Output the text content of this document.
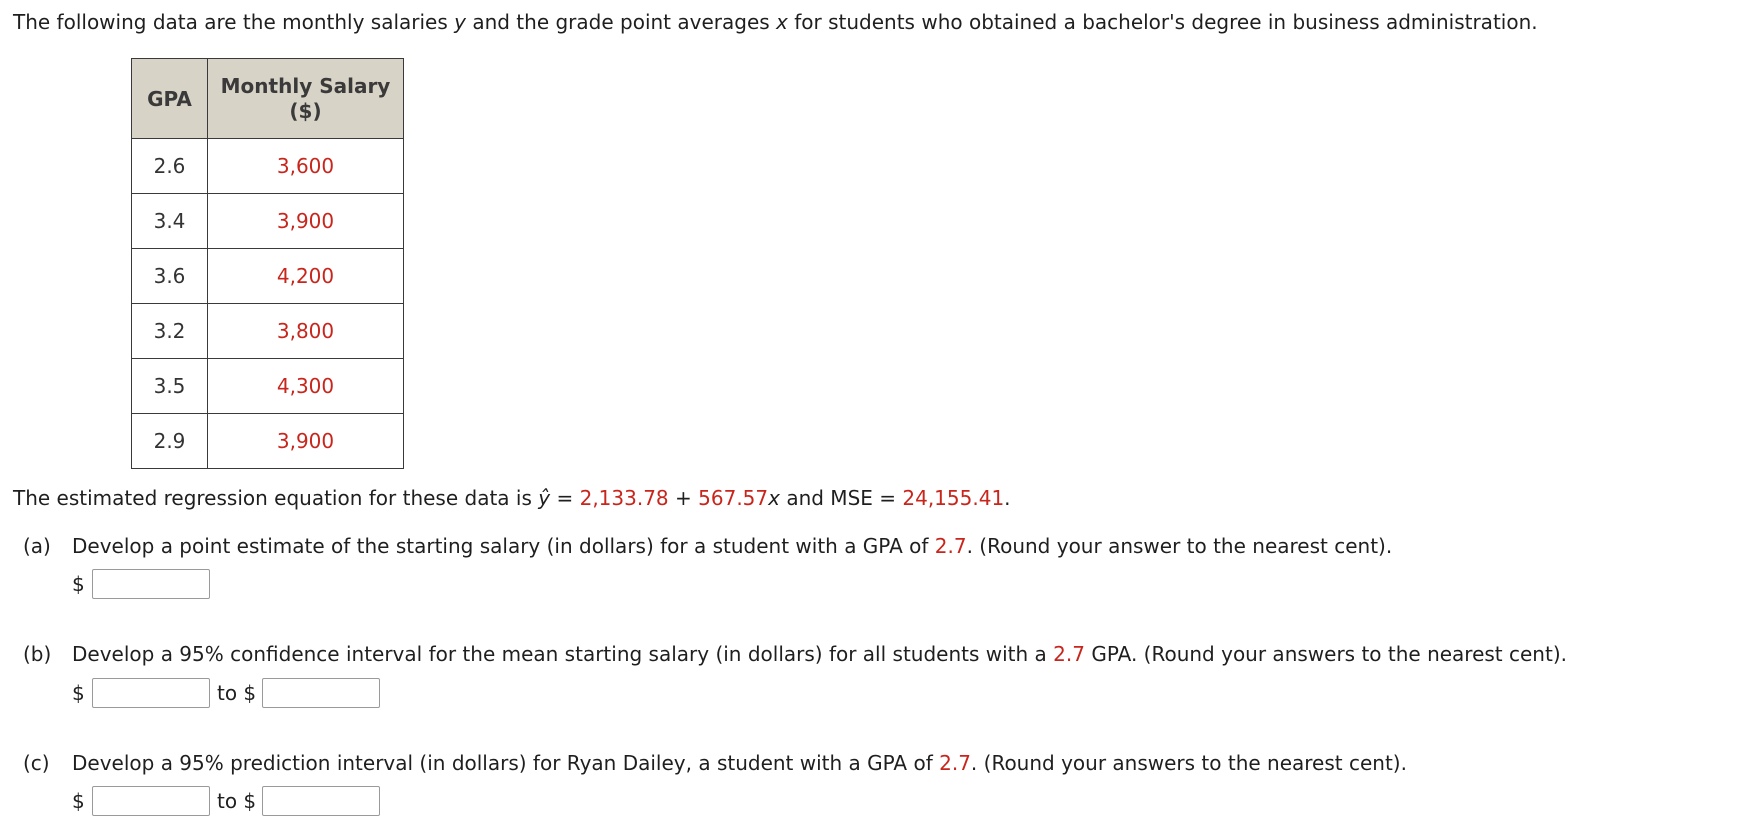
The following data are the monthly salaries y and the grade point averages x for students who obtained a bachelor's degree in business administration.
GPA	Monthly Salary
($)
2.6	3,600
3.4	3,900
3.6	4,200
3.2	3,800
3.5	4,300
2.9	3,900
The estimated regression equation for these data is ŷ = 2,133.78 + 567.57x and MSE = 24,155.41.
(a) Develop a point estimate of the starting salary (in dollars) for a student with a GPA of 2.7. (Round your answer to the nearest cent).
$
(b) Develop a 95% confidence interval for the mean starting salary (in dollars) for all students with a 2.7 GPA. (Round your answers to the nearest cent).
$	to $
(c) Develop a 95% prediction interval (in dollars) for Ryan Dailey, a student with a GPA of 2.7. (Round your answers to the nearest cent).
$	to $
